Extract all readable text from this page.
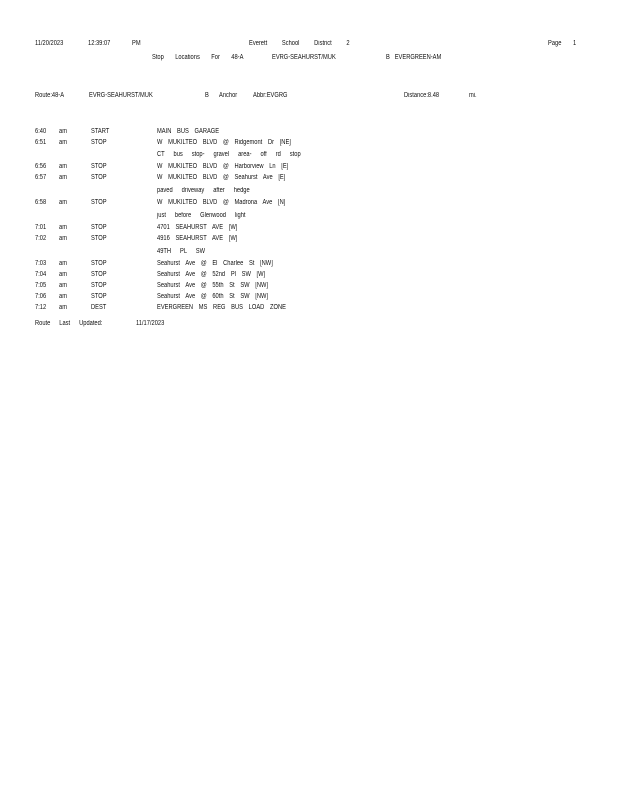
11/20/2023	12:39:07	PM	Everett School District 2	Page 1
Stop Locations For 48-A	EVRG-SEAHURST/MUK	B EVERGREEN-AM
Route:48-A	EVRG-SEAHURST/MUK	B Anchor Abbr:EVGRG	Distance:8.48	mi.
6:40 am	START	MAIN BUS GARAGE
6:51 am	STOP	W MUKILTEO BLVD @ Ridgemont Dr [NE]
CT bus stop- gravel area- off rd stop
6:56 am	STOP	W MUKILTEO BLVD @ Harborview Ln [E]
6:57 am	STOP	W MUKILTEO BLVD @ Seahurst Ave [E]
paved driveway after hedge
6:58 am	STOP	W MUKILTEO BLVD @ Madrona Ave [N]
just before Glenwood light
7:01 am	STOP	4701 SEAHURST AVE [W]
7:02 am	STOP	4916 SEAHURST AVE [W]
49TH PL SW
7:03 am	STOP	Seahurst Ave @ El Charlee St [NW]
7:04 am	STOP	Seahurst Ave @ 52nd Pl SW [W]
7:05 am	STOP	Seahurst Ave @ 55th St SW [NW]
7:06 am	STOP	Seahurst Ave @ 60th St SW [NW]
7:12 am	DEST	EVERGREEN MS REG BUS LOAD ZONE
Route Last Updated:	11/17/2023
